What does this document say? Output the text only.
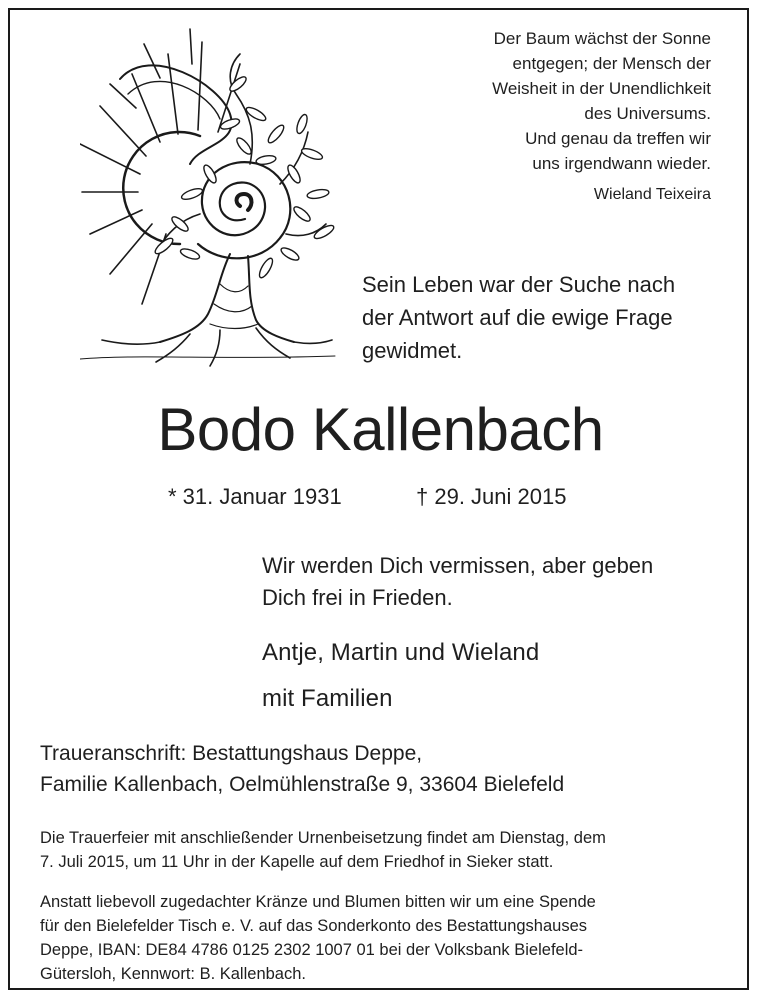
Der Baum wächst der Sonne
entgegen; der Mensch der
Weisheit in der Unendlichkeit
des Universums.
Und genau da treffen wir
uns irgendwann wieder.
Wieland Teixeira
Sein Leben war der Suche nach
der Antwort auf die ewige Frage
gewidmet.
Bodo Kallenbach
* 31. Januar 1931	† 29. Juni 2015
Wir werden Dich vermissen, aber geben
Dich frei in Frieden.
Antje, Martin und Wieland
mit Familien
Traueranschrift: Bestattungshaus Deppe,
Familie Kallenbach, Oelmühlenstraße 9, 33604 Bielefeld
Die Trauerfeier mit anschließender Urnenbeisetzung findet am Dienstag, dem
7. Juli 2015, um 11 Uhr in der Kapelle auf dem Friedhof in Sieker statt.
Anstatt liebevoll zugedachter Kränze und Blumen bitten wir um eine Spende
für den Bielefelder Tisch e. V. auf das Sonderkonto des Bestattungshauses
Deppe, IBAN: DE84 4786 0125 2302 1007 01 bei der Volksbank Bielefeld-
Gütersloh, Kennwort: B. Kallenbach.
